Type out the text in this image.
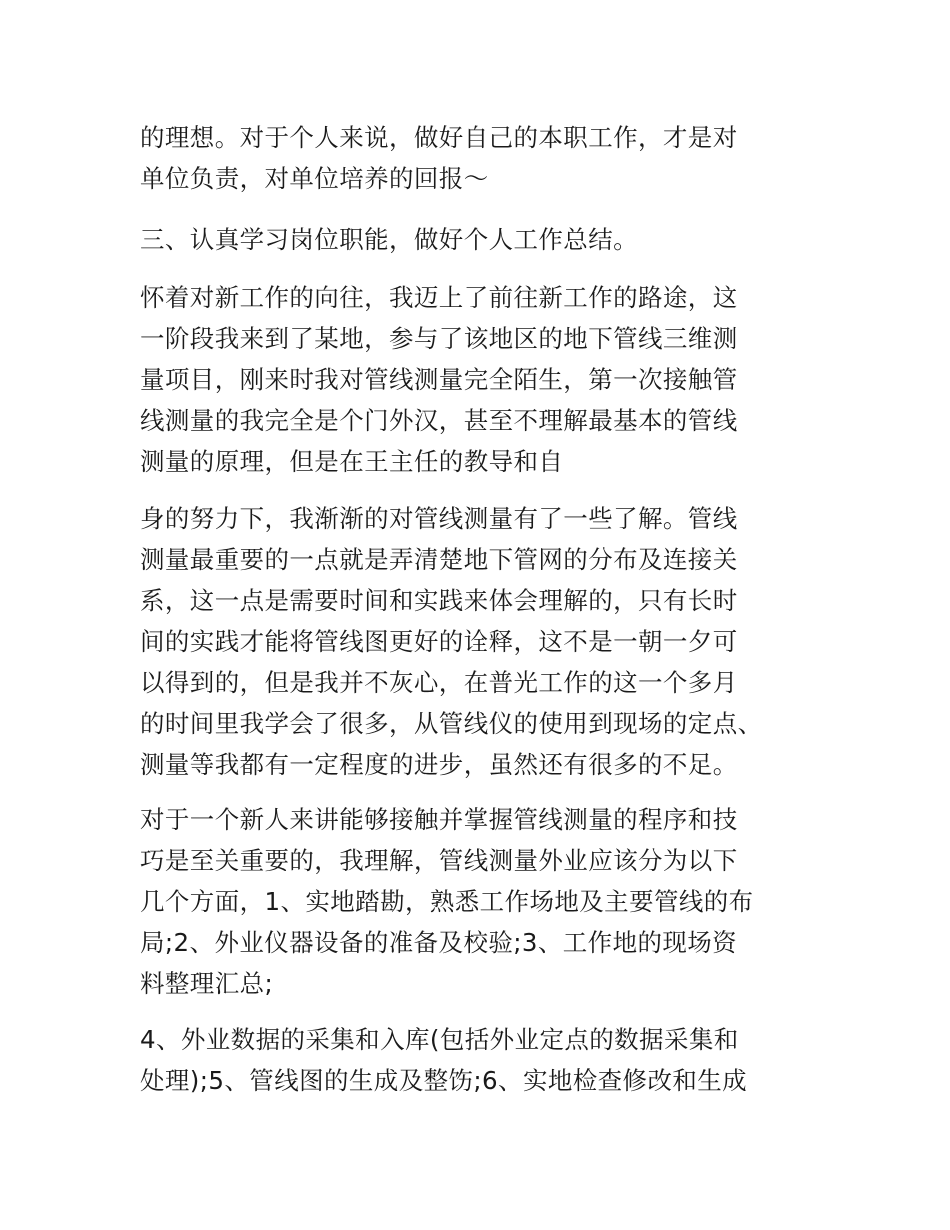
的理想。对于个人来说，做好自己的本职工作，才是对
单位负责，对单位培养的回报～

三、认真学习岗位职能，做好个人工作总结。

怀着对新工作的向往，我迈上了前往新工作的路途，这
一阶段我来到了某地，参与了该地区的地下管线三维测
量项目，刚来时我对管线测量完全陌生，第一次接触管
线测量的我完全是个门外汉，甚至不理解最基本的管线
测量的原理，但是在王主任的教导和自

身的努力下，我渐渐的对管线测量有了一些了解。管线
测量最重要的一点就是弄清楚地下管网的分布及连接关
系，这一点是需要时间和实践来体会理解的，只有长时
间的实践才能将管线图更好的诠释，这不是一朝一夕可
以得到的，但是我并不灰心，在普光工作的这一个多月
的时间里我学会了很多，从管线仪的使用到现场的定点、
测量等我都有一定程度的进步，虽然还有很多的不足。

对于一个新人来讲能够接触并掌握管线测量的程序和技
巧是至关重要的，我理解，管线测量外业应该分为以下
几个方面，1、实地踏勘，熟悉工作场地及主要管线的布
局;2、外业仪器设备的准备及校验;3、工作地的现场资
料整理汇总;

4、外业数据的采集和入库(包括外业定点的数据采集和
处理);5、管线图的生成及整饬;6、实地检查修改和生成
